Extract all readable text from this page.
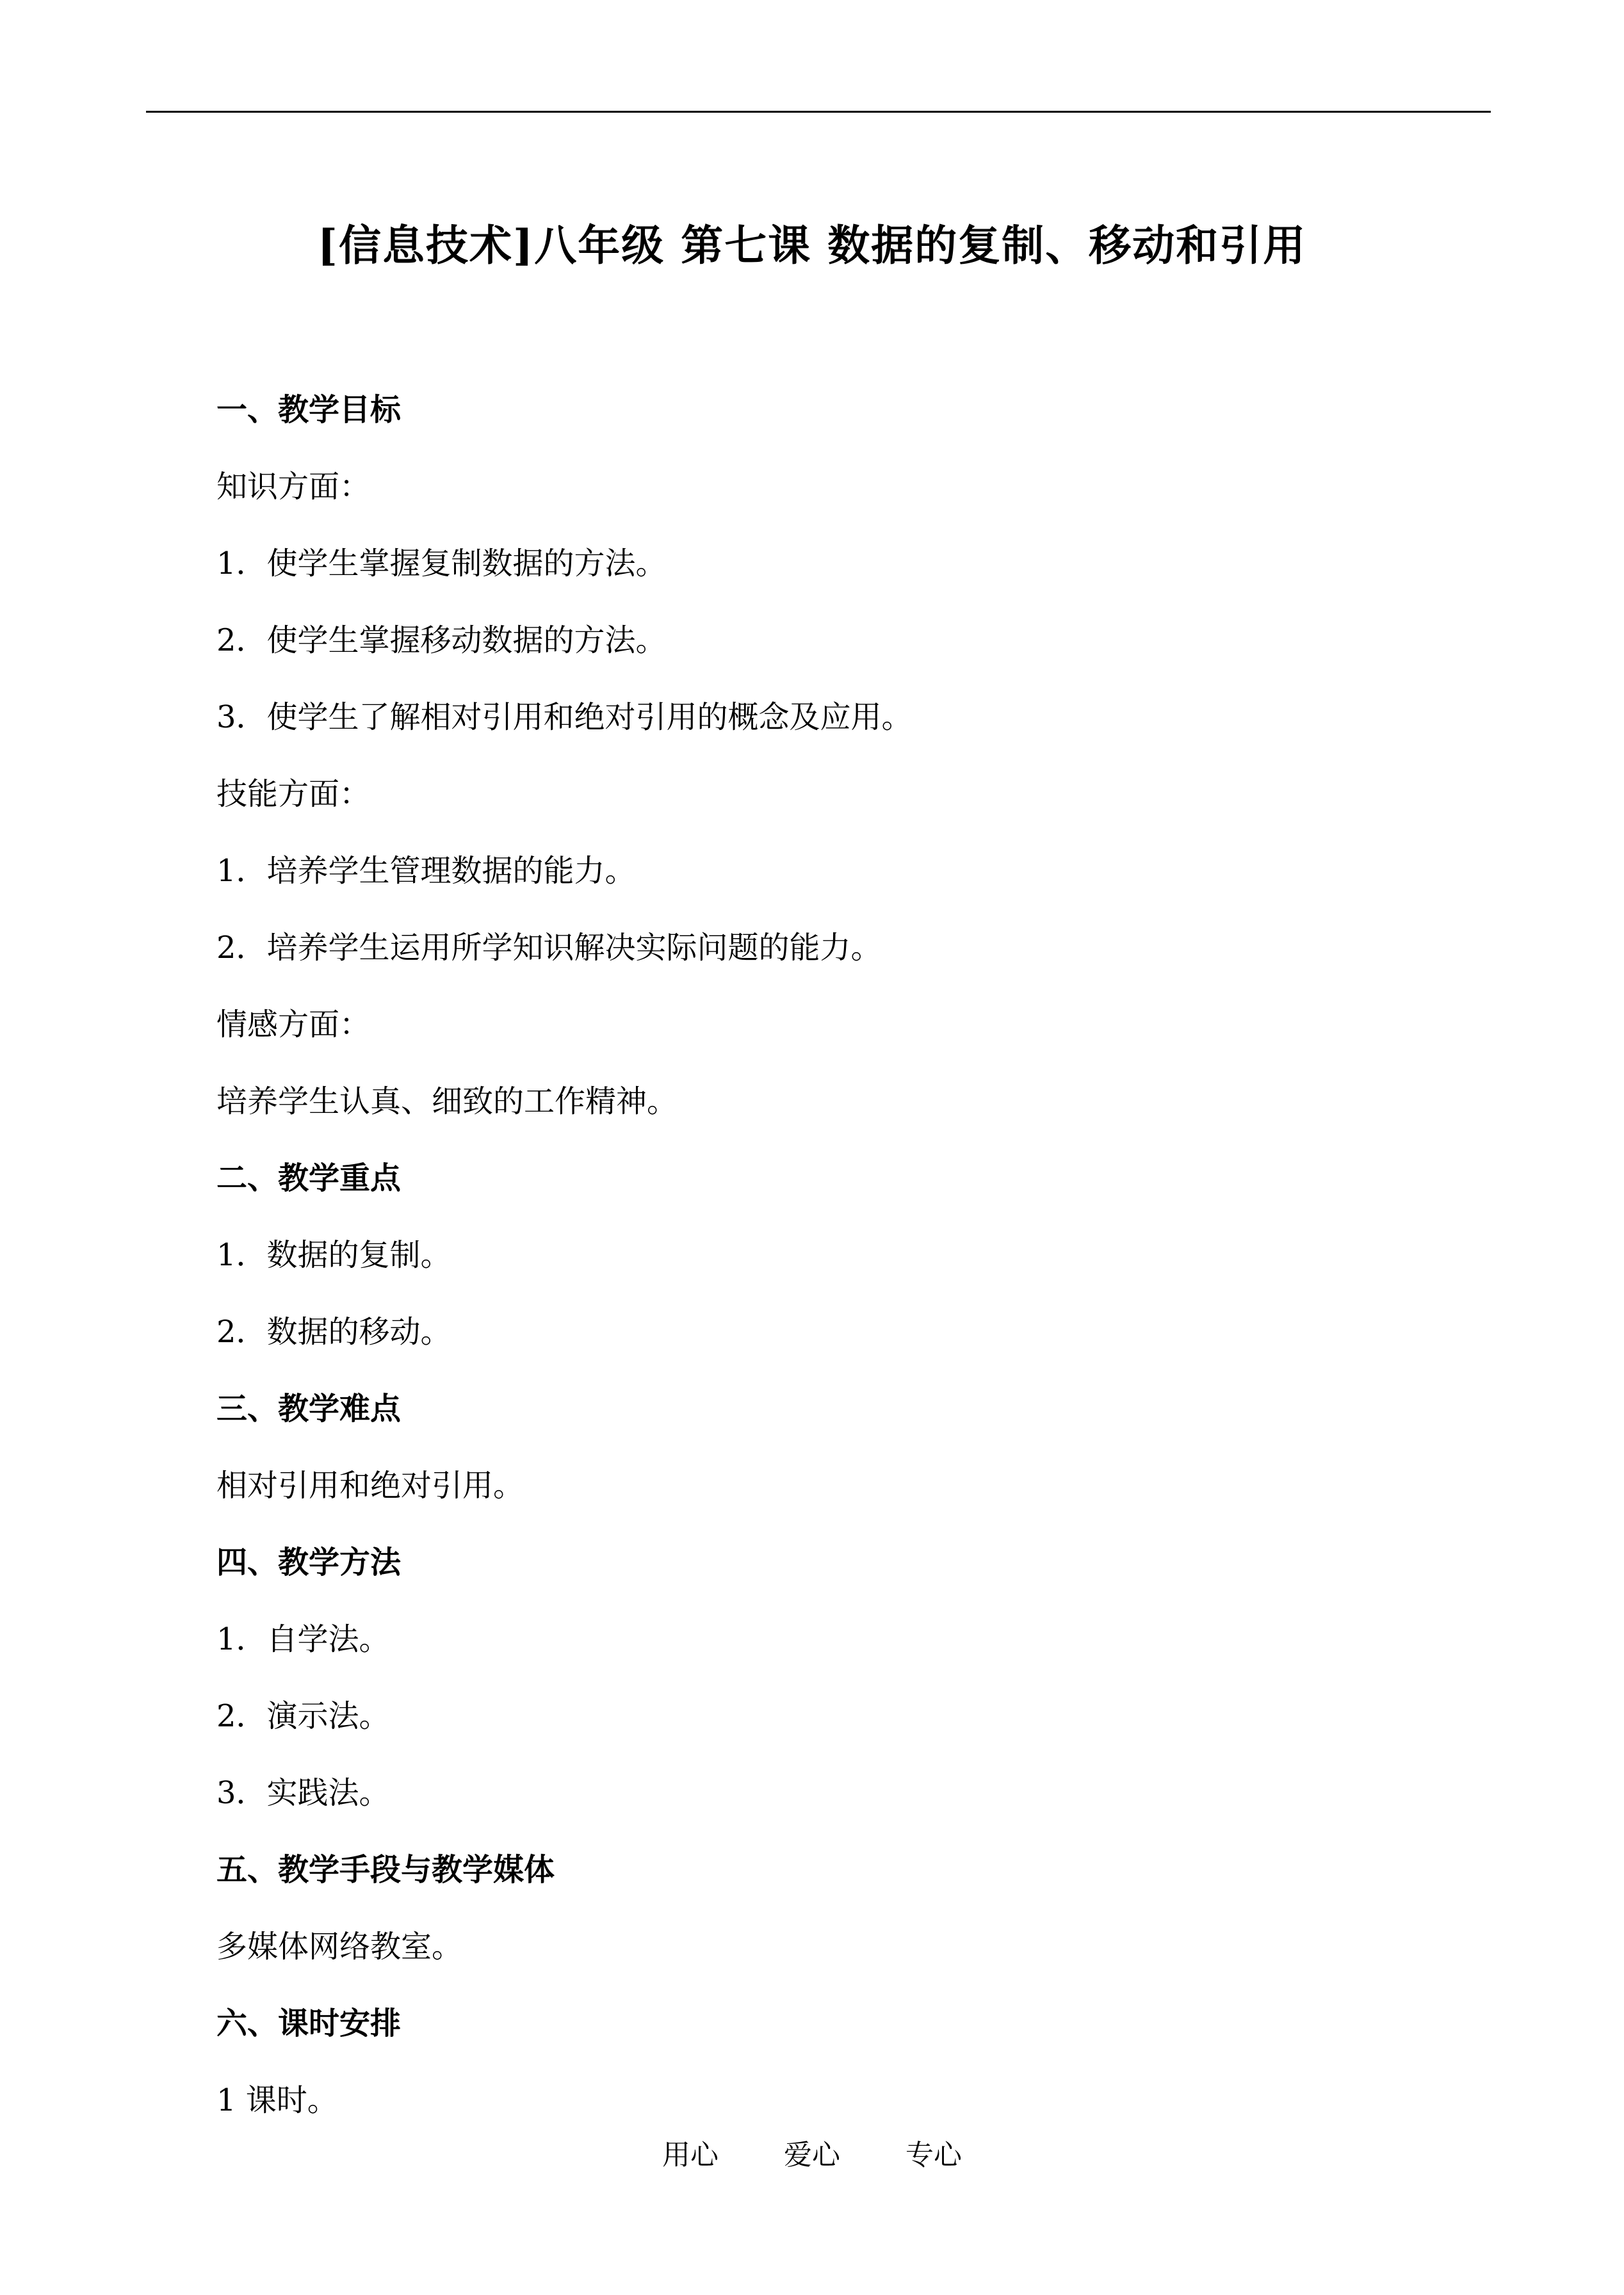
[信息技术]八年级 第七课 数据的复制、移动和引用
一、教学目标
知识方面：
1．使学生掌握复制数据的方法。
2．使学生掌握移动数据的方法。
3．使学生了解相对引用和绝对引用的概念及应用。
技能方面：
1．培养学生管理数据的能力。
2．培养学生运用所学知识解决实际问题的能力。
情感方面：
培养学生认真、细致的工作精神。
二、教学重点
1．数据的复制。
2．数据的移动。
三、教学难点
相对引用和绝对引用。
四、教学方法
1．自学法。
2．演示法。
3．实践法。
五、教学手段与教学媒体
多媒体网络教室。
六、课时安排
1 课时。
用心 爱心 专心
